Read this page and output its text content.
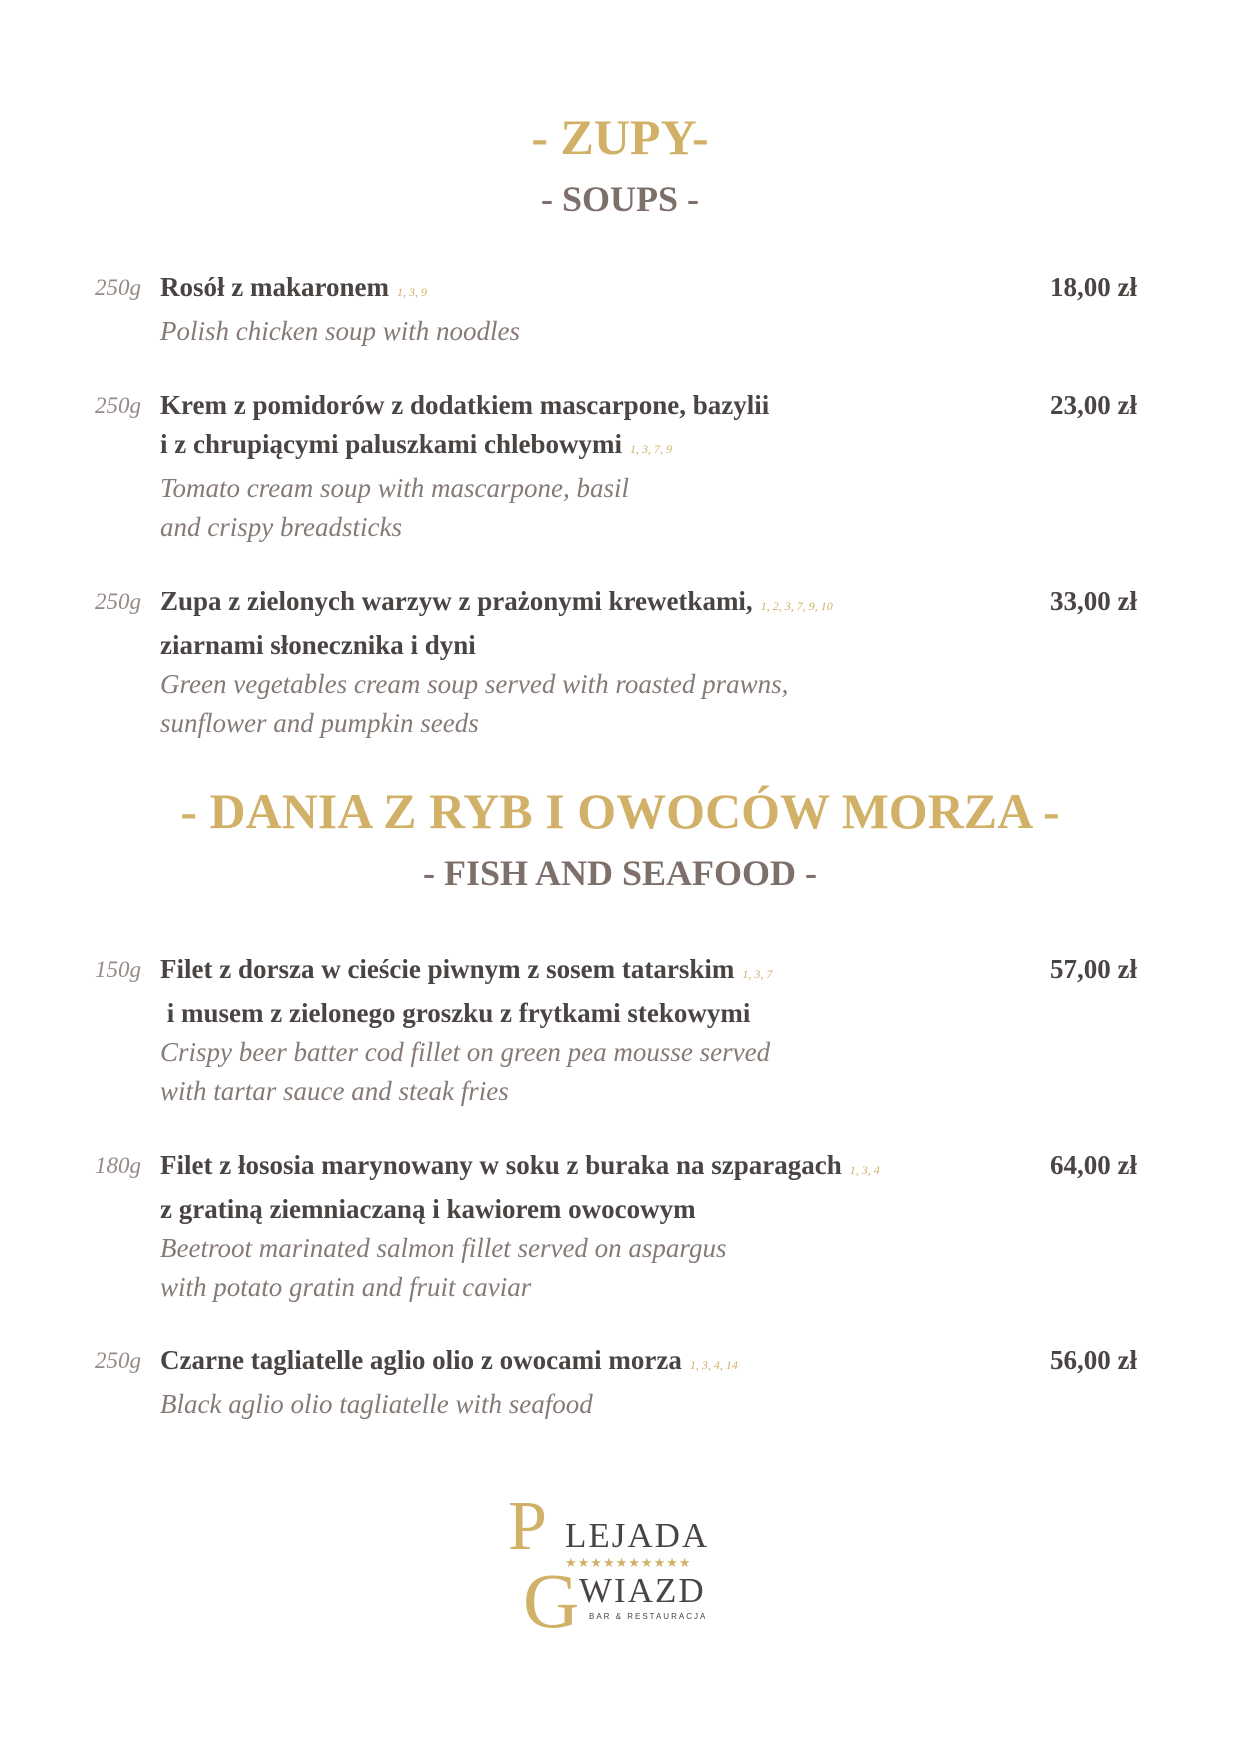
- ZUPY-
- SOUPS -
250g Rosół z makaronem 1, 3, 9
Polish chicken soup with noodles
18,00 zł
250g Krem z pomidorów z dodatkiem mascarpone, bazylii
i z chrupiącymi paluszkami chlebowymi 1, 3, 7, 9
Tomato cream soup with mascarpone, basil
and crispy breadsticks
23,00 zł
250g Zupa z zielonych warzyw z prażonymi krewetkami, 1, 2, 3, 7, 9, 10
ziarnami słonecznika i dyni
Green vegetables cream soup served with roasted prawns,
sunflower and pumpkin seeds
33,00 zł
- DANIA Z RYB I OWOCÓW MORZA -
- FISH AND SEAFOOD -
150g Filet z dorsza w cieście piwnym z sosem tatarskim 1, 3, 7
i musem z zielonego groszku z frytkami stekowymi
Crispy beer batter cod fillet on green pea mousse served
with tartar sauce and steak fries
57,00 zł
180g Filet z łososia marynowany w soku z buraka na szparagach 1, 3, 4
z gratiną ziemniaczaną i kawiorem owocowym
Beetroot marinated salmon fillet served on aspargus
with potato gratin and fruit caviar
64,00 zł
250g Czarne tagliatelle aglio olio z owocami morza 1, 3, 4, 14
Black aglio olio tagliatelle with seafood
56,00 zł
P
G
LEJADA
★★★★★★★★★★
WIAZD
BAR & RESTAURACJA
